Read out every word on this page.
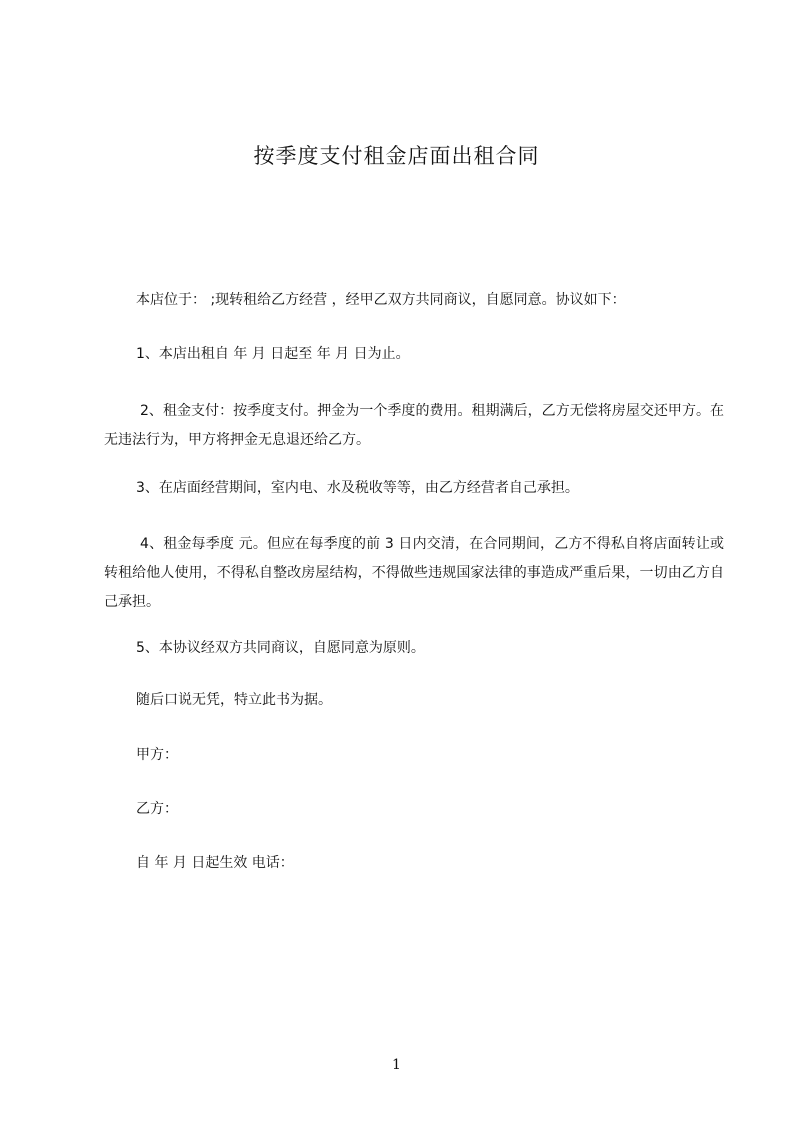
按季度支付租金店面出租合同
本店位于： ;现转租给乙方经营 ，经甲乙双方共同商议，自愿同意。协议如下：
1、本店出租自 年 月 日起至 年 月 日为止。
2、租金支付：按季度支付。押金为一个季度的费用。租期满后，乙方无偿将房屋交还甲方。在无违法行为，甲方将押金无息退还给乙方。
3、在店面经营期间，室内电、水及税收等等，由乙方经营者自己承担。
4、租金每季度 元。但应在每季度的前 3 日内交清，在合同期间，乙方不得私自将店面转让或转租给他人使用，不得私自整改房屋结构，不得做些违规国家法律的事造成严重后果，一切由乙方自己承担。
5、本协议经双方共同商议，自愿同意为原则。
随后口说无凭，特立此书为据。
甲方：
乙方：
自 年 月 日起生效 电话：
1
